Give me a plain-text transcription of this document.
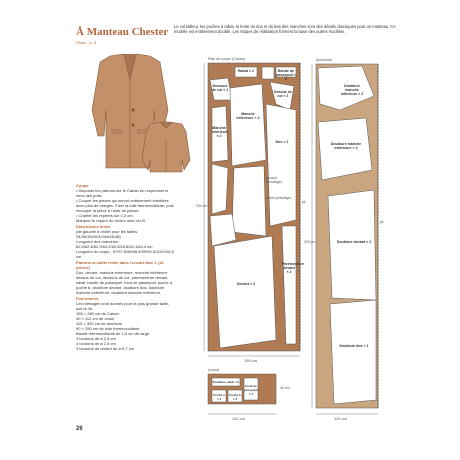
Å Manteau Chester
Plans - p. 8
Le col tailleur, les poches à rabat, la fente du dos et du bas des manches sont des détails classiques pour un manteau. Ce modèle est entièrement doublé. Les étapes de réalisation forment la base des autres modèles.
Coupe
• Disposer les patrons sur le Caban en respectant le sens des poils.
• Couper les pièces qui seront entièrement entoilées avec plus de marges. Fixer la toile thermocollante, puis recouper la pièce à l'aide du patron.
• Cranter les repères sur 0,3 cm.
Marquer le repère du revers avec du fil.
Dimensions finies
(de gauche à droite pour les tailles 34/36/38/40/42/44/46/48)
Longueur des manches : 62,5/62,6/62,9/63,2/63,5/63,8/64,1/64,4 cm
Longueur du corps : 97/97,5/98/98,5/99/99,5/100/100,5 cm
Patrons en taille réelle dans l'encart face 1 (16 pièces)
Dos, devant, manche extérieure, manche intérieure, dessus de col, dessous de col, parementure devant, rabat, bande de passepoil, fond de passepoil, poche a, poche b, doublure devant, doublure dos, doublure manche extérieure, doublure manche intérieure
Fournitures
Les métrages sont donnés pour la plus grande taille, soit la 48.
155 × 260 cm de Caban
40 × 112 cm de coton
110 × 320 cm de doublure
90 × 250 cm de toile thermocollante
Bande thermocollante de 1,5 cm de large
3 boutons de ø 2,5 cm
4 boutons de ø 1,5 cm
3 boutons de renfort de ø 0,7 cm
Plan de coupe (Caban)
Rabat × 2	Bande de passepoil × 2
Dessous de col × 1	Dessus de col × 1
Manche extérieure × 2
Manche intérieure × 2
Dos × 2
gauche (entoilage)
droite (entoilage)
Parementure devant × 2
Devant × 2
pli
155 cm
260 cm
(coton)
Doublure rabat × 2
Fond de passepoil × 2
Poche a × 2
Poche b × 2
112 cm
40 cm
(doublure)
Doublure manche intérieure × 2
Doublure manche extérieure × 2
Doublure devant × 2
Doublure dos × 1
pli
110 cm
320 cm
26
